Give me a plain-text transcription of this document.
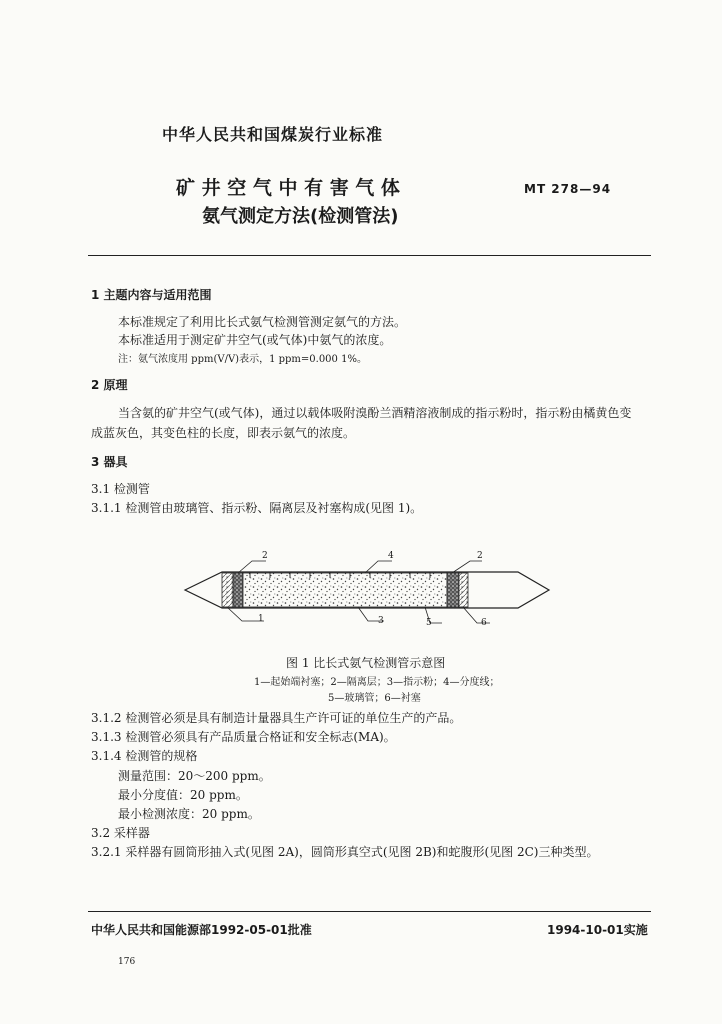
中华人民共和国煤炭行业标准
矿 井 空 气 中 有 害 气 体
氨气测定方法(检测管法)
MT 278—94
1 主题内容与适用范围
本标准规定了利用比长式氨气检测管测定氨气的方法。
本标准适用于测定矿井空气(或气体)中氨气的浓度。
注：氨气浓度用 ppm(V/V)表示，1 ppm=0.000 1%。
2 原理
当含氨的矿井空气(或气体)，通过以载体吸附溴酚兰酒精溶液制成的指示粉时，指示粉由橘黄色变
成蓝灰色，其变色柱的长度，即表示氨气的浓度。
3 器具
3.1 检测管
3.1.1 检测管由玻璃管、指示粉、隔离层及衬塞构成(见图 1)。
2	4	2
1	3	5	6
图 1 比长式氨气检测管示意图
1—起始端衬塞；2—隔离层；3—指示粉；4—分度线；
5—玻璃管；6—衬塞
3.1.2 检测管必须是具有制造计量器具生产许可证的单位生产的产品。
3.1.3 检测管必须具有产品质量合格证和安全标志(MA)。
3.1.4 检测管的规格
测量范围：20～200 ppm。
最小分度值：20 ppm。
最小检测浓度：20 ppm。
3.2 采样器
3.2.1 采样器有圆筒形抽入式(见图 2A)，圆筒形真空式(见图 2B)和蛇腹形(见图 2C)三种类型。
中华人民共和国能源部1992-05-01批准	1994-10-01实施
176
